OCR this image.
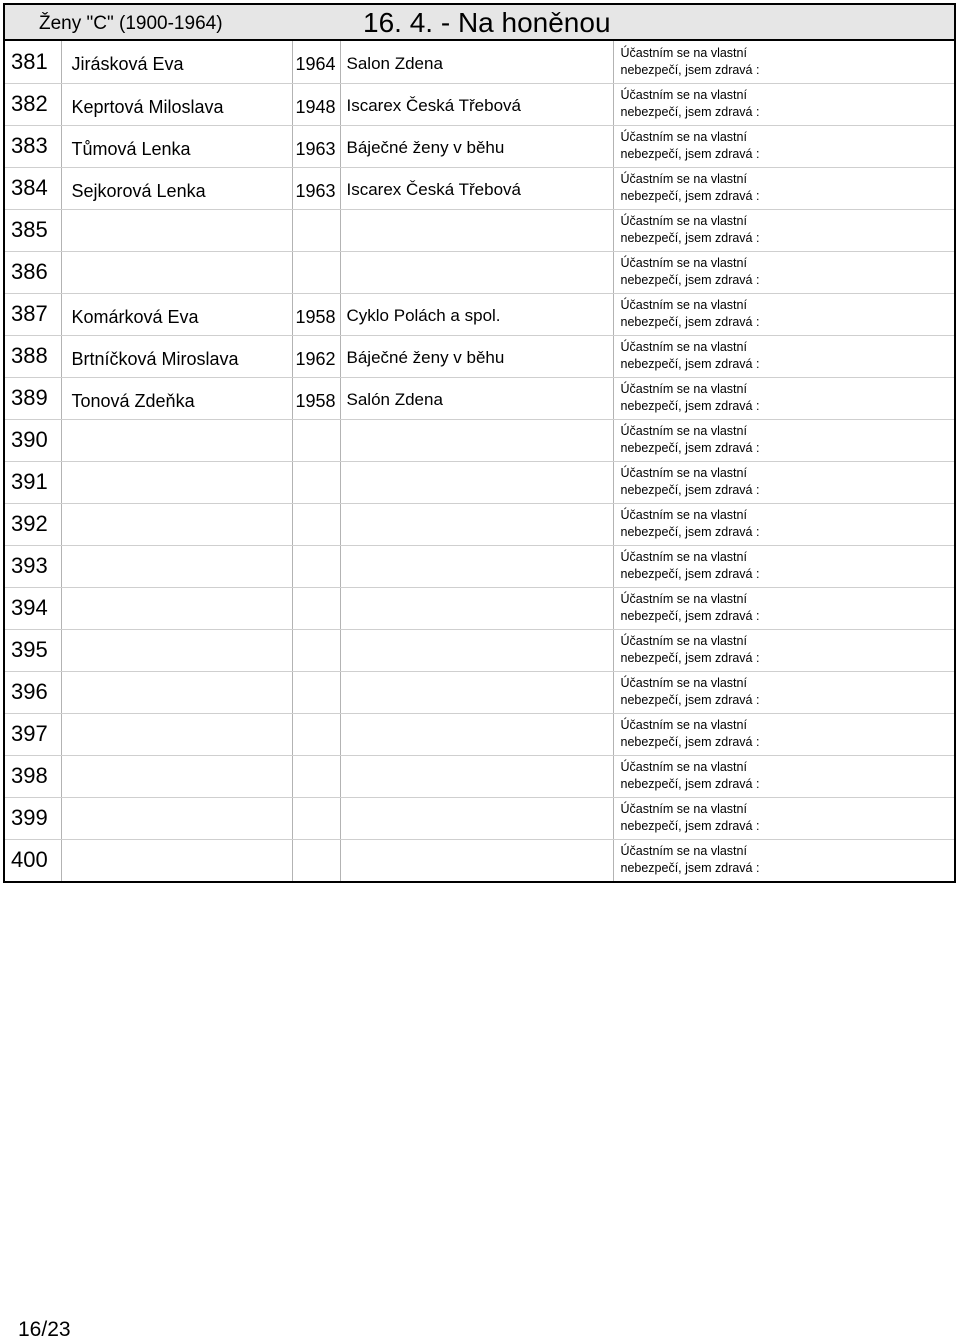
Ženy "C" (1900-1964)	16. 4. - Na honěnou
381	Jirásková Eva	1964	Salon Zdena	Účastním se na vlastní
nebezpečí, jsem zdravá :

382	Keprtová Miloslava	1948	Iscarex Česká Třebová	Účastním se na vlastní
nebezpečí, jsem zdravá :

383	Tůmová Lenka	1963	Báječné ženy v běhu	Účastním se na vlastní
nebezpečí, jsem zdravá :

384	Sejkorová Lenka	1963	Iscarex Česká Třebová	Účastním se na vlastní
nebezpečí, jsem zdravá :

385				Účastním se na vlastní
nebezpečí, jsem zdravá :

386				Účastním se na vlastní
nebezpečí, jsem zdravá :

387	Komárková Eva	1958	Cyklo Polách a spol.	Účastním se na vlastní
nebezpečí, jsem zdravá :

388	Brtníčková Miroslava	1962	Báječné ženy v běhu	Účastním se na vlastní
nebezpečí, jsem zdravá :

389	Tonová Zdeňka	1958	Salón Zdena	Účastním se na vlastní
nebezpečí, jsem zdravá :

390				Účastním se na vlastní
nebezpečí, jsem zdravá :

391				Účastním se na vlastní
nebezpečí, jsem zdravá :

392				Účastním se na vlastní
nebezpečí, jsem zdravá :

393				Účastním se na vlastní
nebezpečí, jsem zdravá :

394				Účastním se na vlastní
nebezpečí, jsem zdravá :

395				Účastním se na vlastní
nebezpečí, jsem zdravá :

396				Účastním se na vlastní
nebezpečí, jsem zdravá :

397				Účastním se na vlastní
nebezpečí, jsem zdravá :

398				Účastním se na vlastní
nebezpečí, jsem zdravá :

399				Účastním se na vlastní
nebezpečí, jsem zdravá :

400				Účastním se na vlastní
nebezpečí, jsem zdravá :
16/23
